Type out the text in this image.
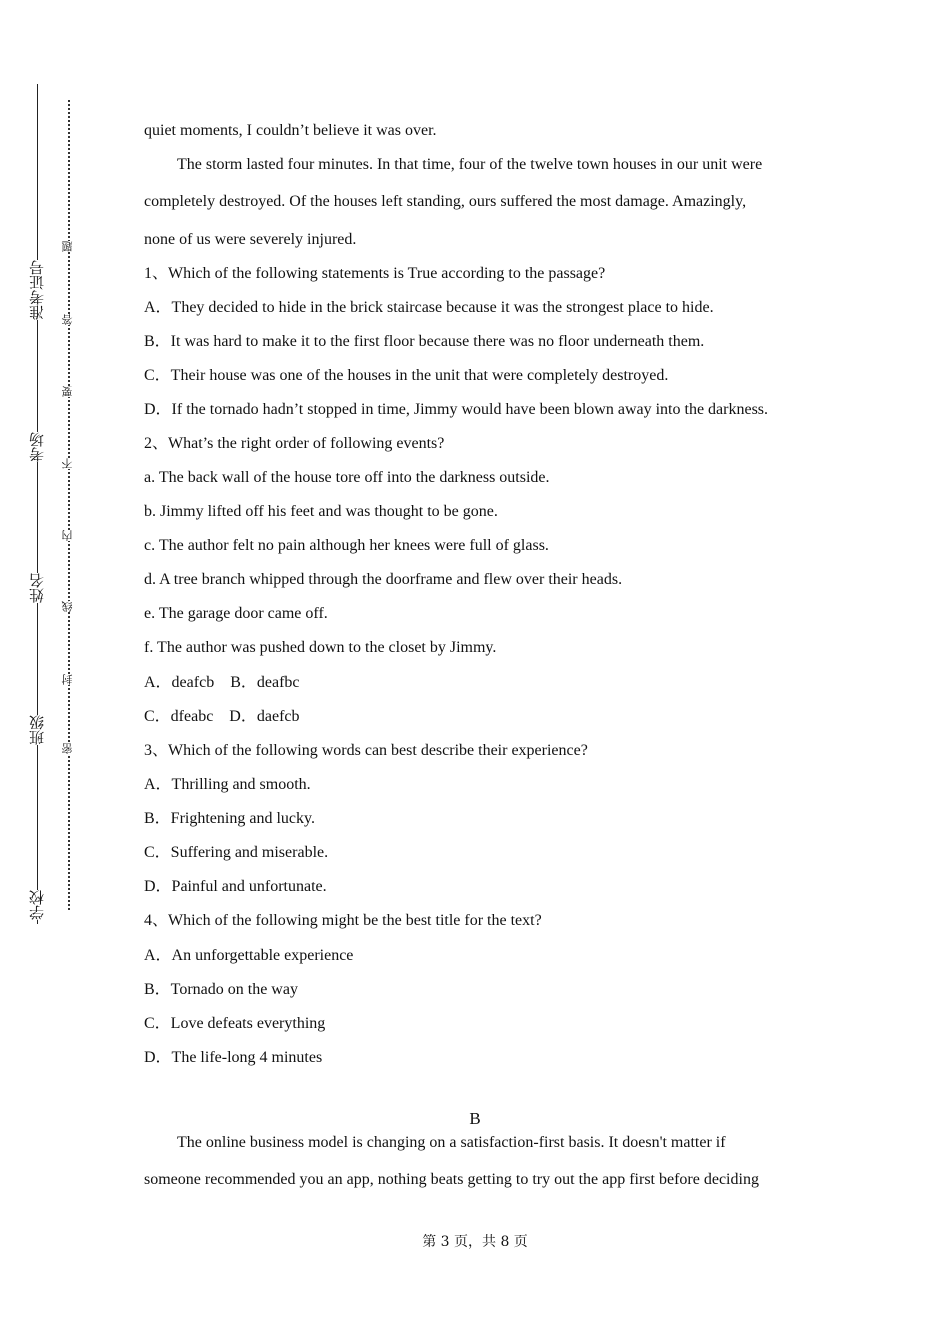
学校
班级
姓名
考场
准考证号
密
封
线
内
不
要
答
题
quiet moments, I couldn’t believe it was over.
The storm lasted four minutes. In that time, four of the twelve town houses in our unit were
completely destroyed. Of the houses left standing, ours suffered the most damage. Amazingly,
none of us were severely injured.
1、Which of the following statements is True according to the passage?
A．They decided to hide in the brick staircase because it was the strongest place to hide.
B．It was hard to make it to the first floor because there was no floor underneath them.
C．Their house was one of the houses in the unit that were completely destroyed.
D．If the tornado hadn’t stopped in time, Jimmy would have been blown away into the darkness.
2、What’s the right order of following events?
a. The back wall of the house tore off into the darkness outside.
b. Jimmy lifted off his feet and was thought to be gone.
c. The author felt no pain although her knees were full of glass.
d. A tree branch whipped through the doorframe and flew over their heads.
e. The garage door came off.
f. The author was pushed down to the closet by Jimmy.
A．deafcb    B．deafbc
C．dfeabc    D．daefcb
3、Which of the following words can best describe their experience?
A．Thrilling and smooth.
B．Frightening and lucky.
C．Suffering and miserable.
D．Painful and unfortunate.
4、Which of the following might be the best title for the text?
A．An unforgettable experience
B．Tornado on the way
C．Love defeats everything
D．The life-long 4 minutes
B
The online business model is changing on a satisfaction-first basis. It doesn't matter if
someone recommended you an app, nothing beats getting to try out the app first before deciding
第 3 页，共 8 页
